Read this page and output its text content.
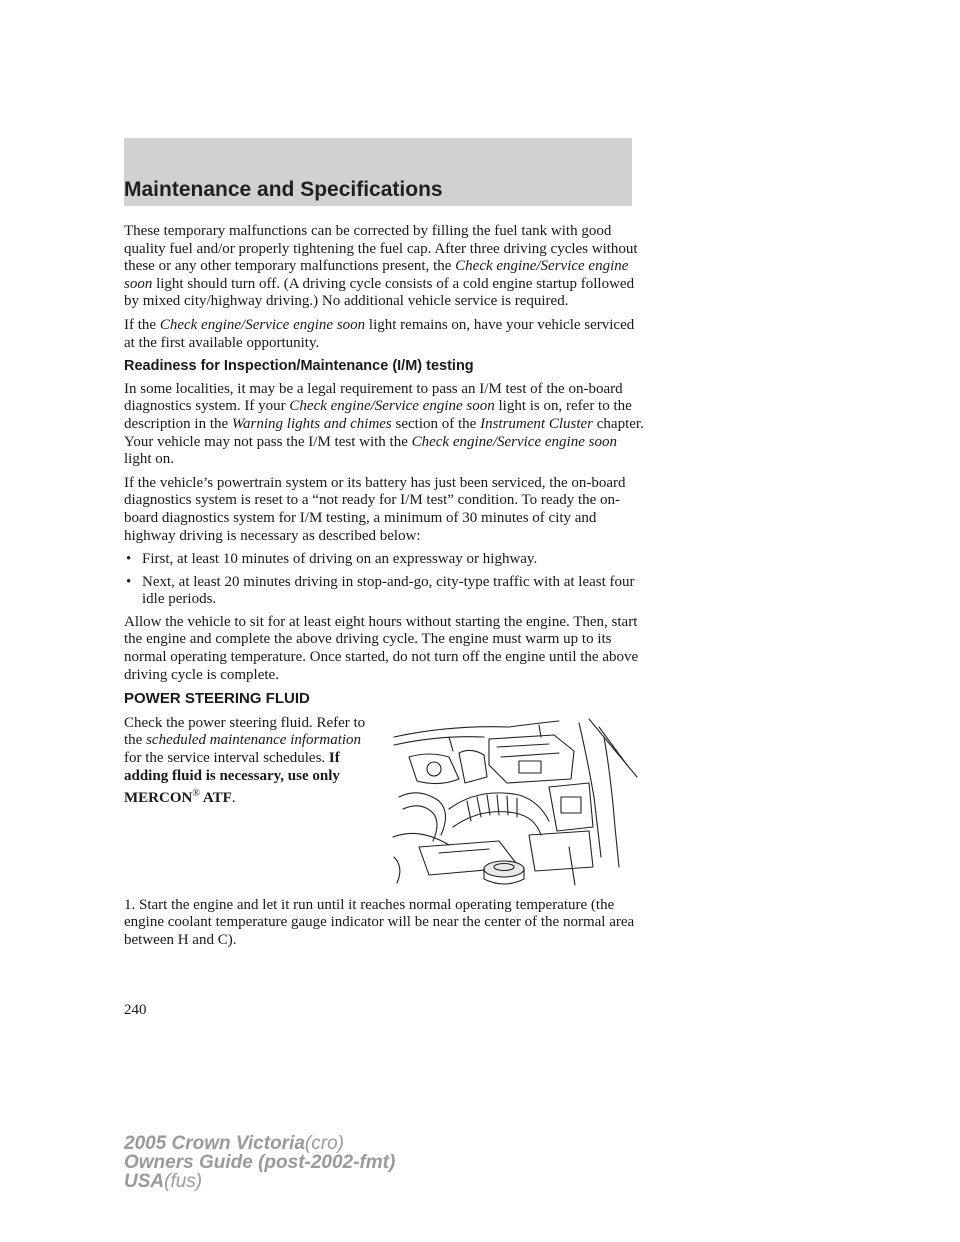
Maintenance and Specifications

These temporary malfunctions can be corrected by filling the fuel tank with good quality fuel and/or properly tightening the fuel cap. After three driving cycles without these or any other temporary malfunctions present, the Check engine/Service engine soon light should turn off. (A driving cycle consists of a cold engine startup followed by mixed city/highway driving.) No additional vehicle service is required.

If the Check engine/Service engine soon light remains on, have your vehicle serviced at the first available opportunity.

Readiness for Inspection/Maintenance (I/M) testing

In some localities, it may be a legal requirement to pass an I/M test of the on-board diagnostics system. If your Check engine/Service engine soon light is on, refer to the description in the Warning lights and chimes section of the Instrument Cluster chapter. Your vehicle may not pass the I/M test with the Check engine/Service engine soon light on.

If the vehicle’s powertrain system or its battery has just been serviced, the on-board diagnostics system is reset to a “not ready for I/M test” condition. To ready the on-board diagnostics system for I/M testing, a minimum of 30 minutes of city and highway driving is necessary as described below:

• First, at least 10 minutes of driving on an expressway or highway.
• Next, at least 20 minutes driving in stop-and-go, city-type traffic with at least four idle periods.

Allow the vehicle to sit for at least eight hours without starting the engine. Then, start the engine and complete the above driving cycle. The engine must warm up to its normal operating temperature. Once started, do not turn off the engine until the above driving cycle is complete.

POWER STEERING FLUID
Check the power steering fluid. Refer to the scheduled maintenance information for the service interval schedules. If adding fluid is necessary, use only MERCON® ATF.

1. Start the engine and let it run until it reaches normal operating temperature (the engine coolant temperature gauge indicator will be near the center of the normal area between H and C).

240
2005 Crown Victoria(cro)
Owners Guide (post-2002-fmt)
USA(fus)
